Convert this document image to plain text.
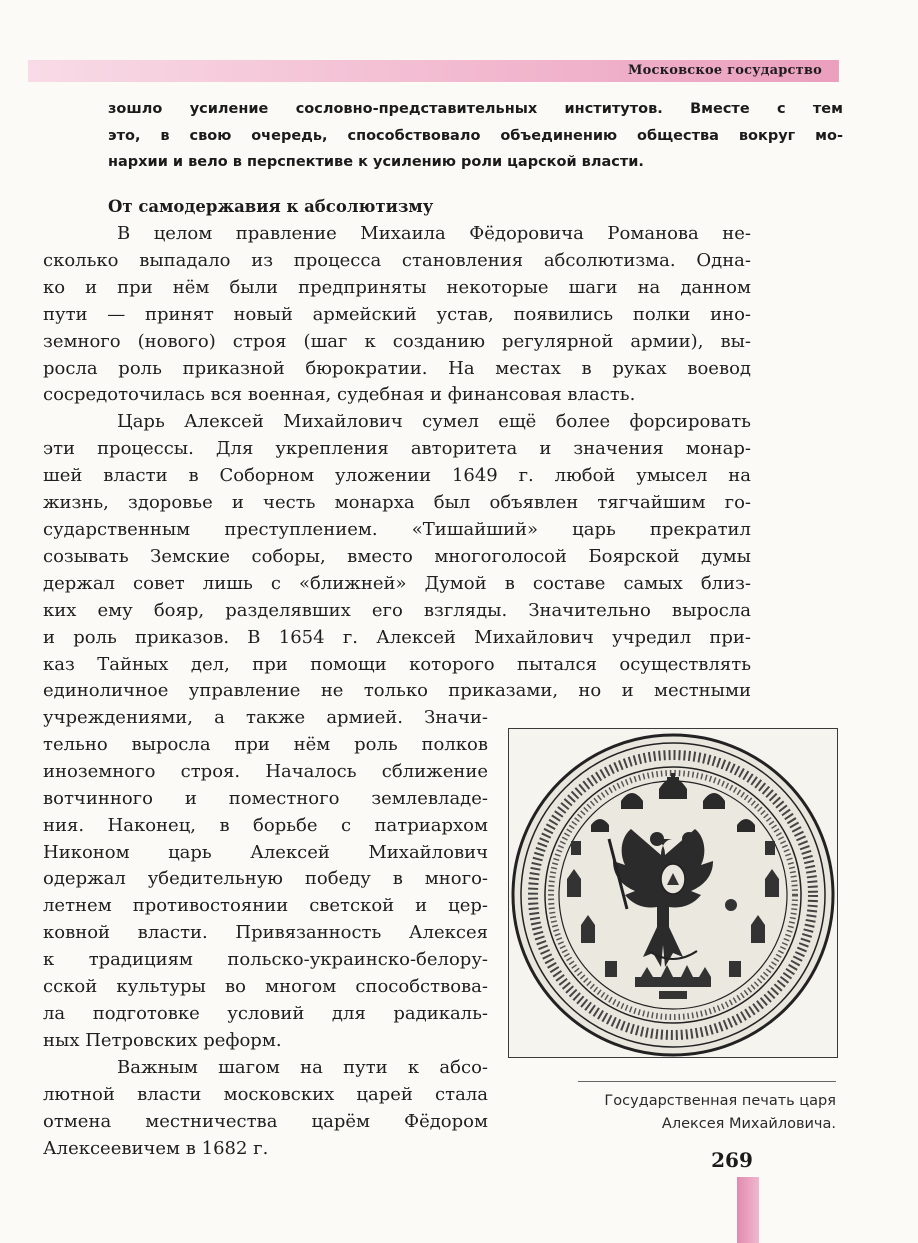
Московское государство
зошло усиление сословно-представительных институтов. Вместе с тем
это, в свою очередь, способствовало объединению общества вокруг мо-
нархии и вело в перспективе к усилению роли царской власти.
От самодержавия к абсолютизму
В целом правление Михаила Фёдоровича Романова не-
сколько выпадало из процесса становления абсолютизма. Одна-
ко и при нём были предприняты некоторые шаги на данном
пути — принят новый армейский устав, появились полки ино-
земного (нового) строя (шаг к созданию регулярной армии), вы-
росла роль приказной бюрократии. На местах в руках воевод
сосредоточилась вся военная, судебная и финансовая власть.
Царь Алексей Михайлович сумел ещё более форсировать
эти процессы. Для укрепления авторитета и значения монар-
шей власти в Соборном уложении 1649 г. любой умысел на
жизнь, здоровье и честь монарха был объявлен тягчайшим го-
сударственным преступлением. «Тишайший» царь прекратил
созывать Земские соборы, вместо многоголосой Боярской думы
держал совет лишь с «ближней» Думой в составе самых близ-
ких ему бояр, разделявших его взгляды. Значительно выросла
и роль приказов. В 1654 г. Алексей Михайлович учредил при-
каз Тайных дел, при помощи которого пытался осуществлять
единоличное управление не только приказами, но и местными
учреждениями, а также армией. Значи-
тельно выросла при нём роль полков
иноземного строя. Началось сближение
вотчинного и поместного землевладе-
ния. Наконец, в борьбе с патриархом
Никоном царь Алексей Михайлович
одержал убедительную победу в много-
летнем противостоянии светской и цер-
ковной власти. Привязанность Алексея
к традициям польско-украинско-белору-
сской культуры во многом способствова-
ла подготовке условий для радикаль-
ных Петровских реформ.
Важным шагом на пути к абсо-
лютной власти московских царей стала
отмена местничества царём Фёдором
Алексеевичем в 1682 г.
Государственная печать царя
Алексея Михайловича.
269
